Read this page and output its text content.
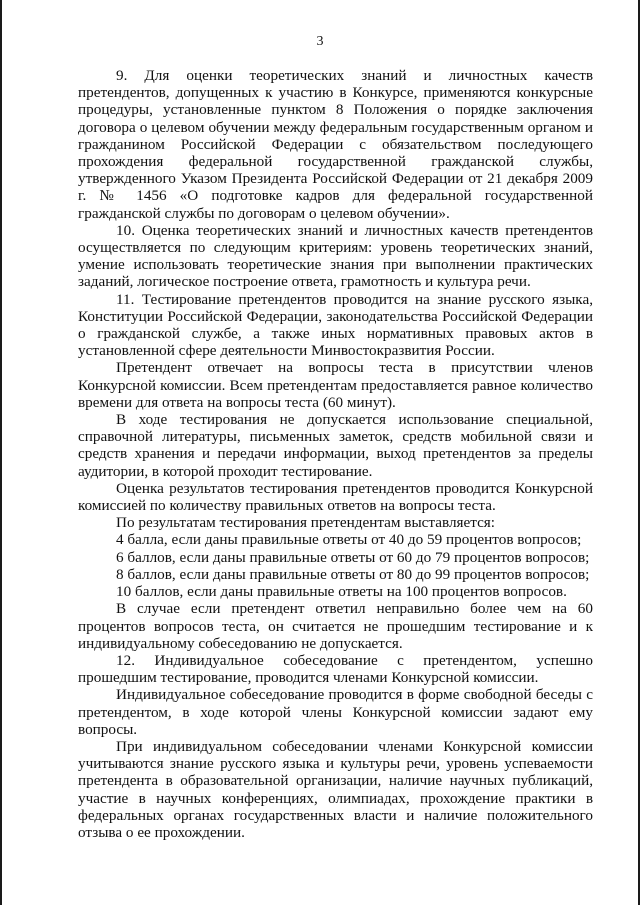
3

9. Для оценки теоретических знаний и личностных качеств претендентов, допущенных к участию в Конкурсе, применяются конкурсные процедуры, установленные пунктом 8 Положения о порядке заключения договора о целевом обучении между федеральным государственным органом и гражданином Российской Федерации с обязательством последующего прохождения федеральной государственной гражданской службы, утвержденного Указом Президента Российской Федерации от 21 декабря 2009 г. № 1456 «О подготовке кадров для федеральной государственной гражданской службы по договорам о целевом обучении».

10. Оценка теоретических знаний и личностных качеств претендентов осуществляется по следующим критериям: уровень теоретических знаний, умение использовать теоретические знания при выполнении практических заданий, логическое построение ответа, грамотность и культура речи.

11. Тестирование претендентов проводится на знание русского языка, Конституции Российской Федерации, законодательства Российской Федерации о гражданской службе, а также иных нормативных правовых актов в установленной сфере деятельности Минвостокразвития России.

Претендент отвечает на вопросы теста в присутствии членов Конкурсной комиссии. Всем претендентам предоставляется равное количество времени для ответа на вопросы теста (60 минут).

В ходе тестирования не допускается использование специальной, справочной литературы, письменных заметок, средств мобильной связи и средств хранения и передачи информации, выход претендентов за пределы аудитории, в которой проходит тестирование.

Оценка результатов тестирования претендентов проводится Конкурсной комиссией по количеству правильных ответов на вопросы теста.

По результатам тестирования претендентам выставляется:

4 балла, если даны правильные ответы от 40 до 59 процентов вопросов;

6 баллов, если даны правильные ответы от 60 до 79 процентов вопросов;

8 баллов, если даны правильные ответы от 80 до 99 процентов вопросов;

10 баллов, если даны правильные ответы на 100 процентов вопросов.

В случае если претендент ответил неправильно более чем на 60 процентов вопросов теста, он считается не прошедшим тестирование и к индивидуальному собеседованию не допускается.

12. Индивидуальное собеседование с претендентом, успешно прошедшим тестирование, проводится членами Конкурсной комиссии.

Индивидуальное собеседование проводится в форме свободной беседы с претендентом, в ходе которой члены Конкурсной комиссии задают ему вопросы.

При индивидуальном собеседовании членами Конкурсной комиссии учитываются знание русского языка и культуры речи, уровень успеваемости претендента в образовательной организации, наличие научных публикаций, участие в научных конференциях, олимпиадах, прохождение практики в федеральных органах государственных власти и наличие положительного отзыва о ее прохождении.
